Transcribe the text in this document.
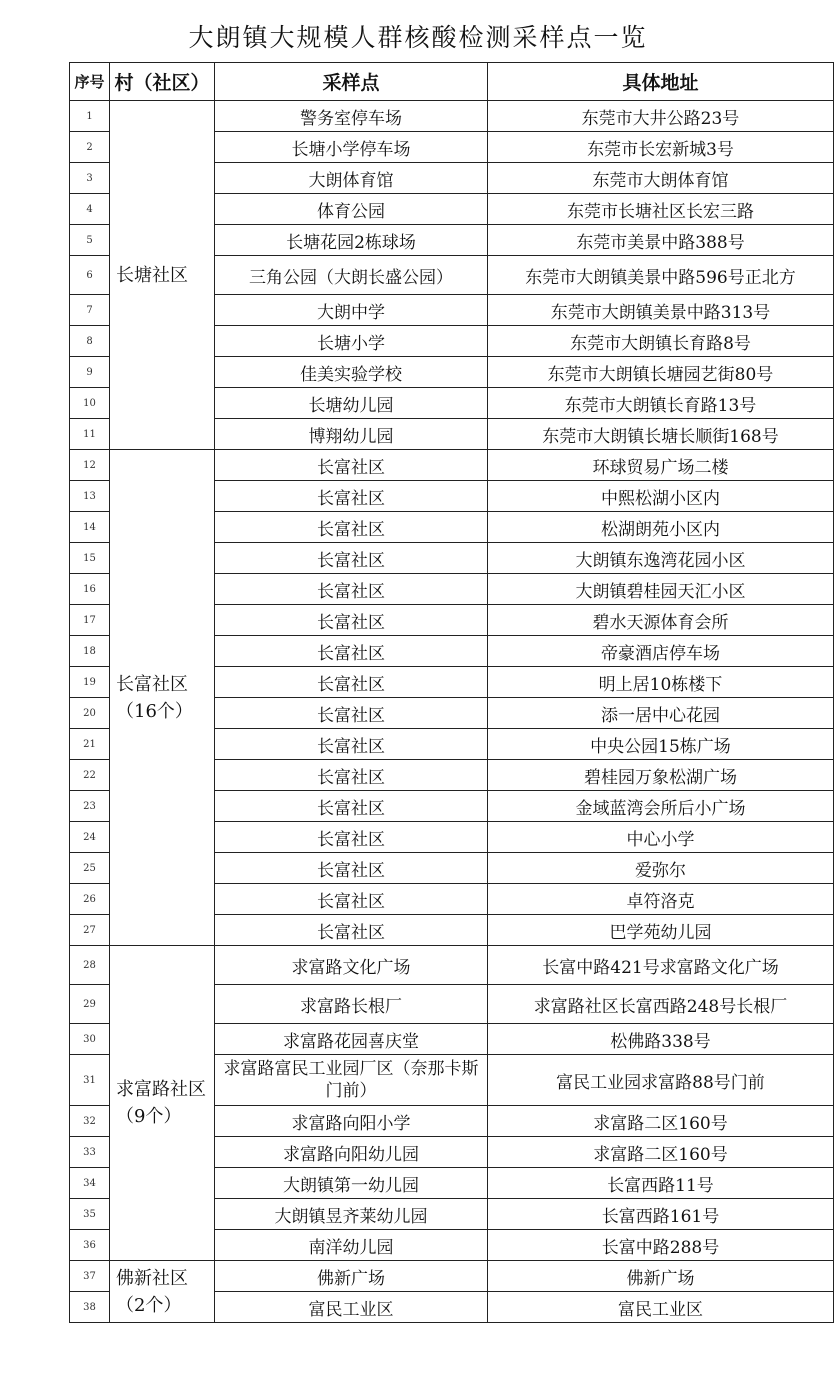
大朗镇大规模人群核酸检测采样点一览
序号	村（社区）	采样点	具体地址
1	长塘社区	警务室停车场	东莞市大井公路23号
2		长塘小学停车场	东莞市长宏新城3号
3		大朗体育馆	东莞市大朗体育馆
4		体育公园	东莞市长塘社区长宏三路
5		长塘花园2栋球场	东莞市美景中路388号
6		三角公园（大朗长盛公园）	东莞市大朗镇美景中路596号正北方
7		大朗中学	东莞市大朗镇美景中路313号
8		长塘小学	东莞市大朗镇长育路8号
9		佳美实验学校	东莞市大朗镇长塘园艺街80号
10		长塘幼儿园	东莞市大朗镇长育路13号
11		博翔幼儿园	东莞市大朗镇长塘长顺街168号
12	长富社区（16个）	长富社区	环球贸易广场二楼
13		长富社区	中熙松湖小区内
14		长富社区	松湖朗苑小区内
15		长富社区	大朗镇东逸湾花园小区
16		长富社区	大朗镇碧桂园天汇小区
17		长富社区	碧水天源体育会所
18		长富社区	帝豪酒店停车场
19		长富社区	明上居10栋楼下
20		长富社区	添一居中心花园
21		长富社区	中央公园15栋广场
22		长富社区	碧桂园万象松湖广场
23		长富社区	金域蓝湾会所后小广场
24		长富社区	中心小学
25		长富社区	爱弥尔
26		长富社区	卓符洛克
27		长富社区	巴学苑幼儿园
28	求富路社区（9个）	求富路文化广场	长富中路421号求富路文化广场
29		求富路长根厂	求富路社区长富西路248号长根厂
30		求富路花园喜庆堂	松佛路338号
31		求富路富民工业园厂区（奈那卡斯门前）	富民工业园求富路88号门前
32		求富路向阳小学	求富路二区160号
33		求富路向阳幼儿园	求富路二区160号
34		大朗镇第一幼儿园	长富西路11号
35		大朗镇昱齐莱幼儿园	长富西路161号
36		南洋幼儿园	长富中路288号
37	佛新社区（2个）	佛新广场	佛新广场
38		富民工业区	富民工业区
